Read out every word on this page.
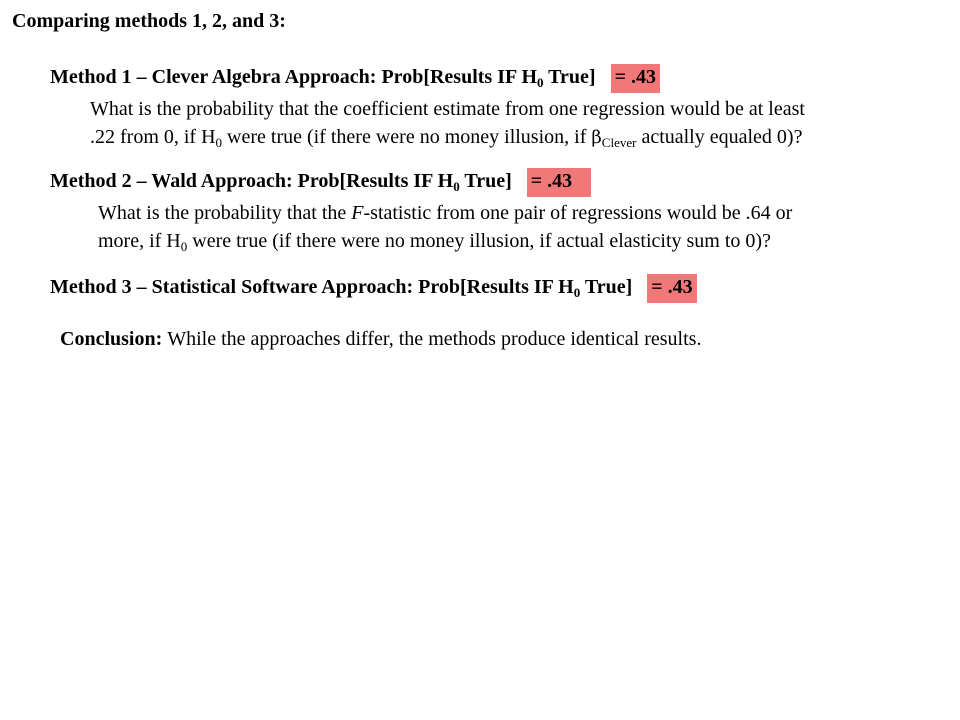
Comparing methods 1, 2, and 3:
Method 1 – Clever Algebra Approach: Prob[Results IF $H_0$ True] = .43
What is the probability that the coefficient estimate from one regression would be at least
.22 from 0, if $H_0$ were true (if there were no money illusion, if $\beta_{Clever}$ actually equaled 0)?
Method 2 – Wald Approach: Prob[Results IF $H_0$ True] = .43
What is the probability that the F-statistic from one pair of regressions would be .64 or
more, if $H_0$ were true (if there were no money illusion, if actual elasticity sum to 0)?
Method 3 – Statistical Software Approach: Prob[Results IF $H_0$ True] = .43
Conclusion: While the approaches differ, the methods produce identical results.
